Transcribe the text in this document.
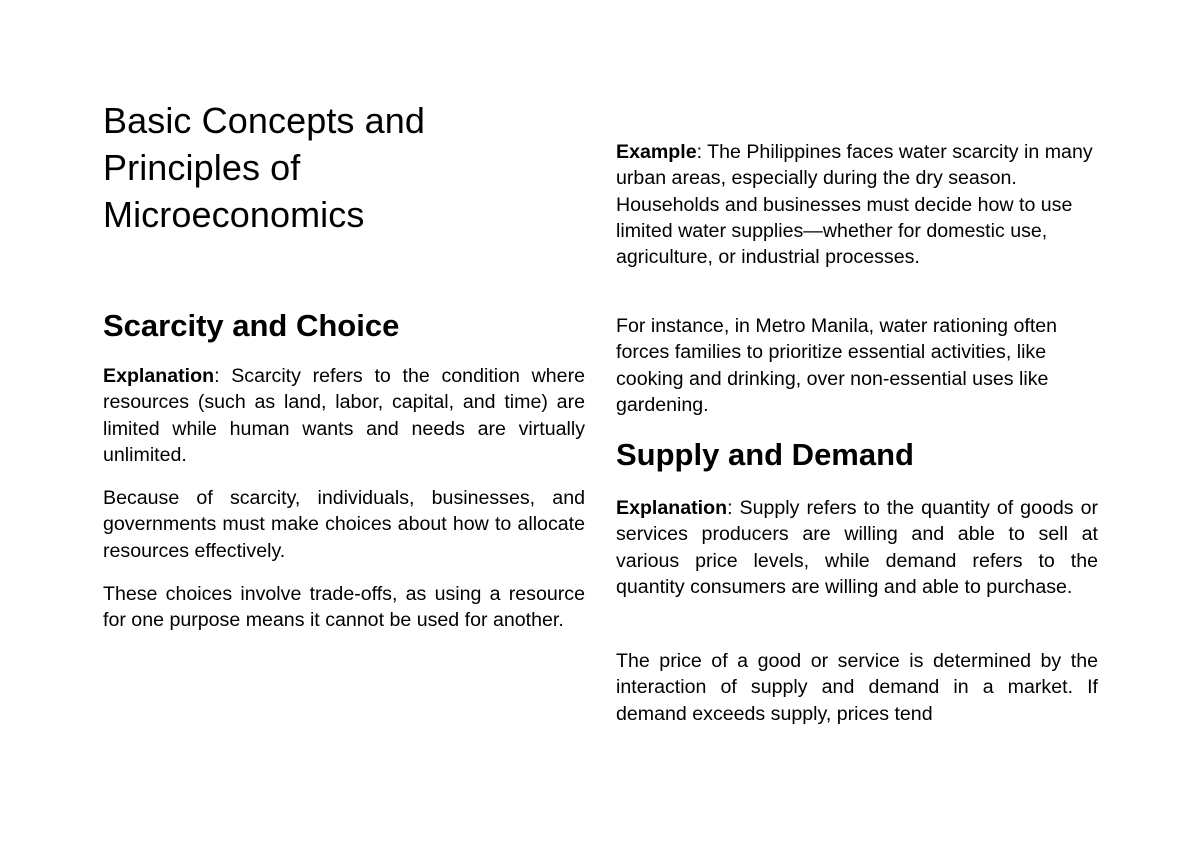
Basic Concepts and Principles of Microeconomics
Scarcity and Choice

Explanation: Scarcity refers to the condition where resources (such as land, labor, capital, and time) are limited while human wants and needs are virtually unlimited.

Because of scarcity, individuals, businesses, and governments must make choices about how to allocate resources effectively.

These choices involve trade-offs, as using a resource for one purpose means it cannot be used for another.

Example: The Philippines faces water scarcity in many urban areas, especially during the dry season. Households and businesses must decide how to use limited water supplies—whether for domestic use, agriculture, or industrial processes.

For instance, in Metro Manila, water rationing often forces families to prioritize essential activities, like cooking and drinking, over non-essential uses like gardening.

Supply and Demand

Explanation: Supply refers to the quantity of goods or services producers are willing and able to sell at various price levels, while demand refers to the quantity consumers are willing and able to purchase.

The price of a good or service is determined by the interaction of supply and demand in a market. If demand exceeds supply, prices tend
